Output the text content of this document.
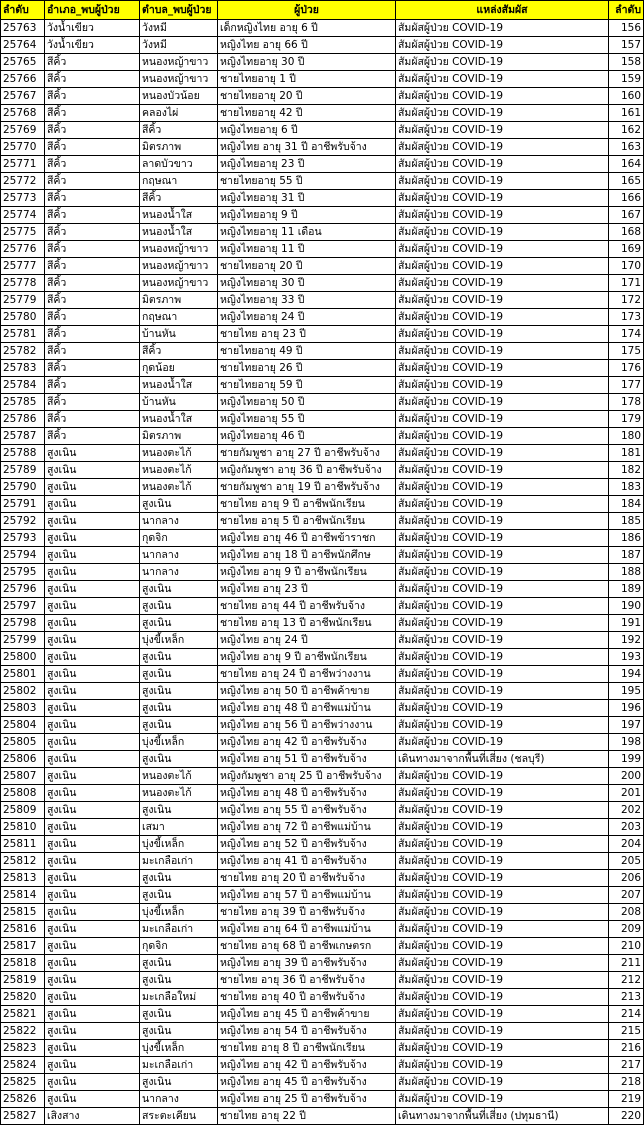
ลำดับ	อำเภอ_พบผู้ป่วย	ตำบล_พบผู้ป่วย	ผู้ป่วย	แหล่งสัมผัส	ลำดับ
25763	วังน้ำเขียว	วังหมี	เด็กหญิงไทย อายุ 6 ปี	สัมผัสผู้ป่วย COVID-19	156
25764	วังน้ำเขียว	วังหมี	หญิงไทย อายุ 66 ปี	สัมผัสผู้ป่วย COVID-19	157
25765	สีคิ้ว	หนองหญ้าขาว	หญิงไทยอายุ 30 ปี	สัมผัสผู้ป่วย COVID-19	158
25766	สีคิ้ว	หนองหญ้าขาว	ชายไทยอายุ 1 ปี	สัมผัสผู้ป่วย COVID-19	159
25767	สีคิ้ว	หนองบัวน้อย	ชายไทยอายุ 20 ปี	สัมผัสผู้ป่วย COVID-19	160
25768	สีคิ้ว	คลองไผ่	ชายไทยอายุ 42 ปี	สัมผัสผู้ป่วย COVID-19	161
25769	สีคิ้ว	สีคิ้ว	หญิงไทยอายุ 6 ปี	สัมผัสผู้ป่วย COVID-19	162
25770	สีคิ้ว	มิตรภาพ	หญิงไทย อายุ 31 ปี อาชีพรับจ้าง	สัมผัสผู้ป่วย COVID-19	163
25771	สีคิ้ว	ลาดบัวขาว	หญิงไทยอายุ 23 ปี	สัมผัสผู้ป่วย COVID-19	164
25772	สีคิ้ว	กฤษณา	ชายไทยอายุ 55 ปี	สัมผัสผู้ป่วย COVID-19	165
25773	สีคิ้ว	สีคิ้ว	หญิงไทยอายุ 31 ปี	สัมผัสผู้ป่วย COVID-19	166
25774	สีคิ้ว	หนองน้ำใส	หญิงไทยอายุ 9 ปี	สัมผัสผู้ป่วย COVID-19	167
25775	สีคิ้ว	หนองน้ำใส	หญิงไทยอายุ 11 เดือน	สัมผัสผู้ป่วย COVID-19	168
25776	สีคิ้ว	หนองหญ้าขาว	หญิงไทยอายุ 11 ปี	สัมผัสผู้ป่วย COVID-19	169
25777	สีคิ้ว	หนองหญ้าขาว	ชายไทยอายุ 20 ปี	สัมผัสผู้ป่วย COVID-19	170
25778	สีคิ้ว	หนองหญ้าขาว	หญิงไทยอายุ 30 ปี	สัมผัสผู้ป่วย COVID-19	171
25779	สีคิ้ว	มิตรภาพ	หญิงไทยอายุ 33 ปี	สัมผัสผู้ป่วย COVID-19	172
25780	สีคิ้ว	กฤษณา	หญิงไทยอายุ 24 ปี	สัมผัสผู้ป่วย COVID-19	173
25781	สีคิ้ว	บ้านหัน	ชายไทย อายุ 23 ปี	สัมผัสผู้ป่วย COVID-19	174
25782	สีคิ้ว	สีคิ้ว	ชายไทยอายุ 49 ปี	สัมผัสผู้ป่วย COVID-19	175
25783	สีคิ้ว	กุดน้อย	ชายไทยอายุ 26 ปี	สัมผัสผู้ป่วย COVID-19	176
25784	สีคิ้ว	หนองน้ำใส	ชายไทยอายุ 59 ปี	สัมผัสผู้ป่วย COVID-19	177
25785	สีคิ้ว	บ้านหัน	หญิงไทยอายุ 50 ปี	สัมผัสผู้ป่วย COVID-19	178
25786	สีคิ้ว	หนองน้ำใส	หญิงไทยอายุ 55 ปี	สัมผัสผู้ป่วย COVID-19	179
25787	สีคิ้ว	มิตรภาพ	หญิงไทยอายุ 46 ปี	สัมผัสผู้ป่วย COVID-19	180
25788	สูงเนิน	หนองตะไก้	ชายกัมพูชา อายุ 27 ปี อาชีพรับจ้าง	สัมผัสผู้ป่วย COVID-19	181
25789	สูงเนิน	หนองตะไก้	หญิงกัมพูชา อายุ 36 ปี อาชีพรับจ้าง	สัมผัสผู้ป่วย COVID-19	182
25790	สูงเนิน	หนองตะไก้	ชายกัมพูชา อายุ 19 ปี อาชีพรับจ้าง	สัมผัสผู้ป่วย COVID-19	183
25791	สูงเนิน	สูงเนิน	ชายไทย อายุ 9 ปี อาชีพนักเรียน	สัมผัสผู้ป่วย COVID-19	184
25792	สูงเนิน	นากลาง	ชายไทย อายุ 5 ปี อาชีพนักเรียน	สัมผัสผู้ป่วย COVID-19	185
25793	สูงเนิน	กุดจิก	หญิงไทย อายุ 46 ปี อาชีพข้าราชก	สัมผัสผู้ป่วย COVID-19	186
25794	สูงเนิน	นากลาง	หญิงไทย อายุ 18 ปี อาชีพนักศึกษ	สัมผัสผู้ป่วย COVID-19	187
25795	สูงเนิน	นากลาง	หญิงไทย อายุ 9 ปี อาชีพนักเรียน	สัมผัสผู้ป่วย COVID-19	188
25796	สูงเนิน	สูงเนิน	หญิงไทย อายุ 23 ปี	สัมผัสผู้ป่วย COVID-19	189
25797	สูงเนิน	สูงเนิน	ชายไทย อายุ 44 ปี อาชีพรับจ้าง	สัมผัสผู้ป่วย COVID-19	190
25798	สูงเนิน	สูงเนิน	ชายไทย อายุ 13 ปี อาชีพนักเรียน	สัมผัสผู้ป่วย COVID-19	191
25799	สูงเนิน	บุ่งขี้เหล็ก	หญิงไทย อายุ 24 ปี	สัมผัสผู้ป่วย COVID-19	192
25800	สูงเนิน	สูงเนิน	หญิงไทย อายุ 9 ปี อาชีพนักเรียน	สัมผัสผู้ป่วย COVID-19	193
25801	สูงเนิน	สูงเนิน	ชายไทย อายุ 24 ปี อาชีพว่างงาน	สัมผัสผู้ป่วย COVID-19	194
25802	สูงเนิน	สูงเนิน	หญิงไทย อายุ 50 ปี อาชีพค้าขาย	สัมผัสผู้ป่วย COVID-19	195
25803	สูงเนิน	สูงเนิน	หญิงไทย อายุ 48 ปี อาชีพแม่บ้าน	สัมผัสผู้ป่วย COVID-19	196
25804	สูงเนิน	สูงเนิน	หญิงไทย อายุ 56 ปี อาชีพว่างงาน	สัมผัสผู้ป่วย COVID-19	197
25805	สูงเนิน	บุ่งขี้เหล็ก	หญิงไทย อายุ 42 ปี อาชีพรับจ้าง	สัมผัสผู้ป่วย COVID-19	198
25806	สูงเนิน	สูงเนิน	หญิงไทย อายุ 51 ปี อาชีพรับจ้าง	เดินทางมาจากพื้นที่เสี่ยง (ชลบุรี)	199
25807	สูงเนิน	หนองตะไก้	หญิงกัมพูชา อายุ 25 ปี อาชีพรับจ้าง	สัมผัสผู้ป่วย COVID-19	200
25808	สูงเนิน	หนองตะไก้	หญิงไทย อายุ 48 ปี อาชีพรับจ้าง	สัมผัสผู้ป่วย COVID-19	201
25809	สูงเนิน	สูงเนิน	หญิงไทย อายุ 55 ปี อาชีพรับจ้าง	สัมผัสผู้ป่วย COVID-19	202
25810	สูงเนิน	เสมา	หญิงไทย อายุ 72 ปี อาชีพแม่บ้าน	สัมผัสผู้ป่วย COVID-19	203
25811	สูงเนิน	บุ่งขี้เหล็ก	หญิงไทย อายุ 52 ปี อาชีพรับจ้าง	สัมผัสผู้ป่วย COVID-19	204
25812	สูงเนิน	มะเกลือเก่า	หญิงไทย อายุ 41 ปี อาชีพรับจ้าง	สัมผัสผู้ป่วย COVID-19	205
25813	สูงเนิน	สูงเนิน	ชายไทย อายุ 20 ปี อาชีพรับจ้าง	สัมผัสผู้ป่วย COVID-19	206
25814	สูงเนิน	สูงเนิน	หญิงไทย อายุ 57 ปี อาชีพแม่บ้าน	สัมผัสผู้ป่วย COVID-19	207
25815	สูงเนิน	บุ่งขี้เหล็ก	ชายไทย อายุ 39 ปี อาชีพรับจ้าง	สัมผัสผู้ป่วย COVID-19	208
25816	สูงเนิน	มะเกลือเก่า	หญิงไทย อายุ 64 ปี อาชีพแม่บ้าน	สัมผัสผู้ป่วย COVID-19	209
25817	สูงเนิน	กุดจิก	ชายไทย อายุ 68 ปี อาชีพเกษตรก	สัมผัสผู้ป่วย COVID-19	210
25818	สูงเนิน	สูงเนิน	หญิงไทย อายุ 39 ปี อาชีพรับจ้าง	สัมผัสผู้ป่วย COVID-19	211
25819	สูงเนิน	สูงเนิน	ชายไทย อายุ 36 ปี อาชีพรับจ้าง	สัมผัสผู้ป่วย COVID-19	212
25820	สูงเนิน	มะเกลือใหม่	ชายไทย อายุ 40 ปี อาชีพรับจ้าง	สัมผัสผู้ป่วย COVID-19	213
25821	สูงเนิน	สูงเนิน	หญิงไทย อายุ 45 ปี อาชีพค้าขาย	สัมผัสผู้ป่วย COVID-19	214
25822	สูงเนิน	สูงเนิน	หญิงไทย อายุ 54 ปี อาชีพรับจ้าง	สัมผัสผู้ป่วย COVID-19	215
25823	สูงเนิน	บุ่งขี้เหล็ก	ชายไทย อายุ 8 ปี อาชีพนักเรียน	สัมผัสผู้ป่วย COVID-19	216
25824	สูงเนิน	มะเกลือเก่า	หญิงไทย อายุ 42 ปี อาชีพรับจ้าง	สัมผัสผู้ป่วย COVID-19	217
25825	สูงเนิน	สูงเนิน	หญิงไทย อายุ 45 ปี อาชีพรับจ้าง	สัมผัสผู้ป่วย COVID-19	218
25826	สูงเนิน	นากลาง	หญิงไทย อายุ 25 ปี อาชีพรับจ้าง	สัมผัสผู้ป่วย COVID-19	219
25827	เสิงสาง	สระตะเคียน	ชายไทย อายุ 22 ปี	เดินทางมาจากพื้นที่เสี่ยง (ปทุมธานี)	220
